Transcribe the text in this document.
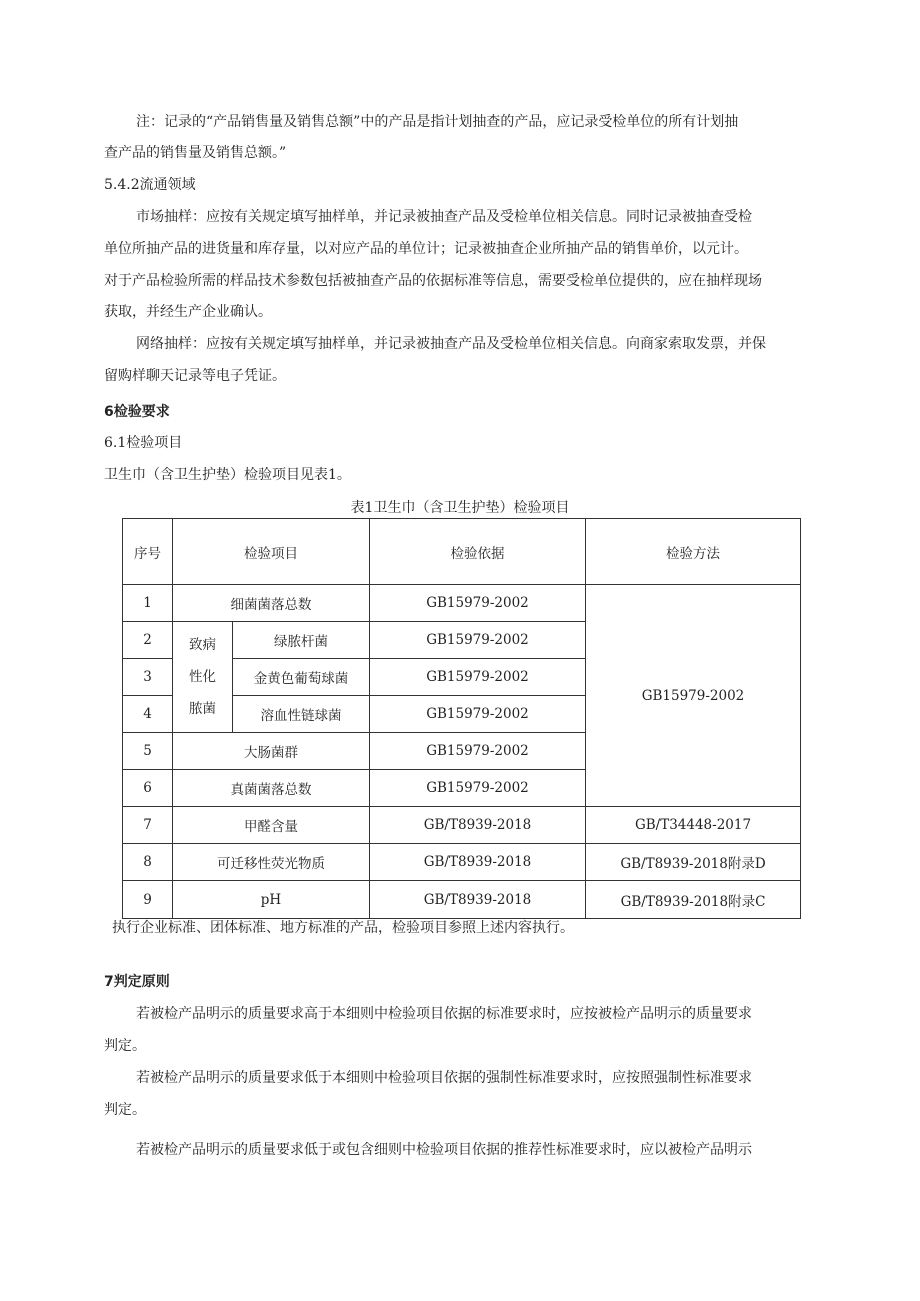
注：记录的“产品销售量及销售总额”中的产品是指计划抽查的产品，应记录受检单位的所有计划抽
查产品的销售量及销售总额。”
5.4.2流通领域
市场抽样：应按有关规定填写抽样单，并记录被抽查产品及受检单位相关信息。同时记录被抽查受检
单位所抽产品的进货量和库存量，以对应产品的单位计；记录被抽查企业所抽产品的销售单价，以元计。
对于产品检验所需的样品技术参数包括被抽查产品的依据标准等信息，需要受检单位提供的，应在抽样现场
获取，并经生产企业确认。
网络抽样：应按有关规定填写抽样单，并记录被抽查产品及受检单位相关信息。向商家索取发票，并保
留购样聊天记录等电子凭证。
6检验要求
6.1检验项目
卫生巾（含卫生护垫）检验项目见表1。
表1卫生巾（含卫生护垫）检验项目
序号	检验项目		检验依据	检验方法
1	细菌菌落总数		GB15979-2002	GB15979-2002
2	致病
性化
脓菌	绿脓杆菌	GB15979-2002	
3		金黄色葡萄球菌	GB15979-2002	
4		溶血性链球菌	GB15979-2002	
5	大肠菌群		GB15979-2002	
6	真菌菌落总数		GB15979-2002	
7	甲醛含量		GB/T8939-2018	GB/T34448-2017
8	可迁移性荧光物质		GB/T8939-2018	GB/T8939-2018附录D
9	pH		GB/T8939-2018	GB/T8939-2018附录C
执行企业标准、团体标准、地方标准的产品，检验项目参照上述内容执行。
7判定原则
若被检产品明示的质量要求高于本细则中检验项目依据的标准要求时，应按被检产品明示的质量要求
判定。
若被检产品明示的质量要求低于本细则中检验项目依据的强制性标准要求时，应按照强制性标准要求
判定。
若被检产品明示的质量要求低于或包含细则中检验项目依据的推荐性标准要求时，应以被检产品明示
